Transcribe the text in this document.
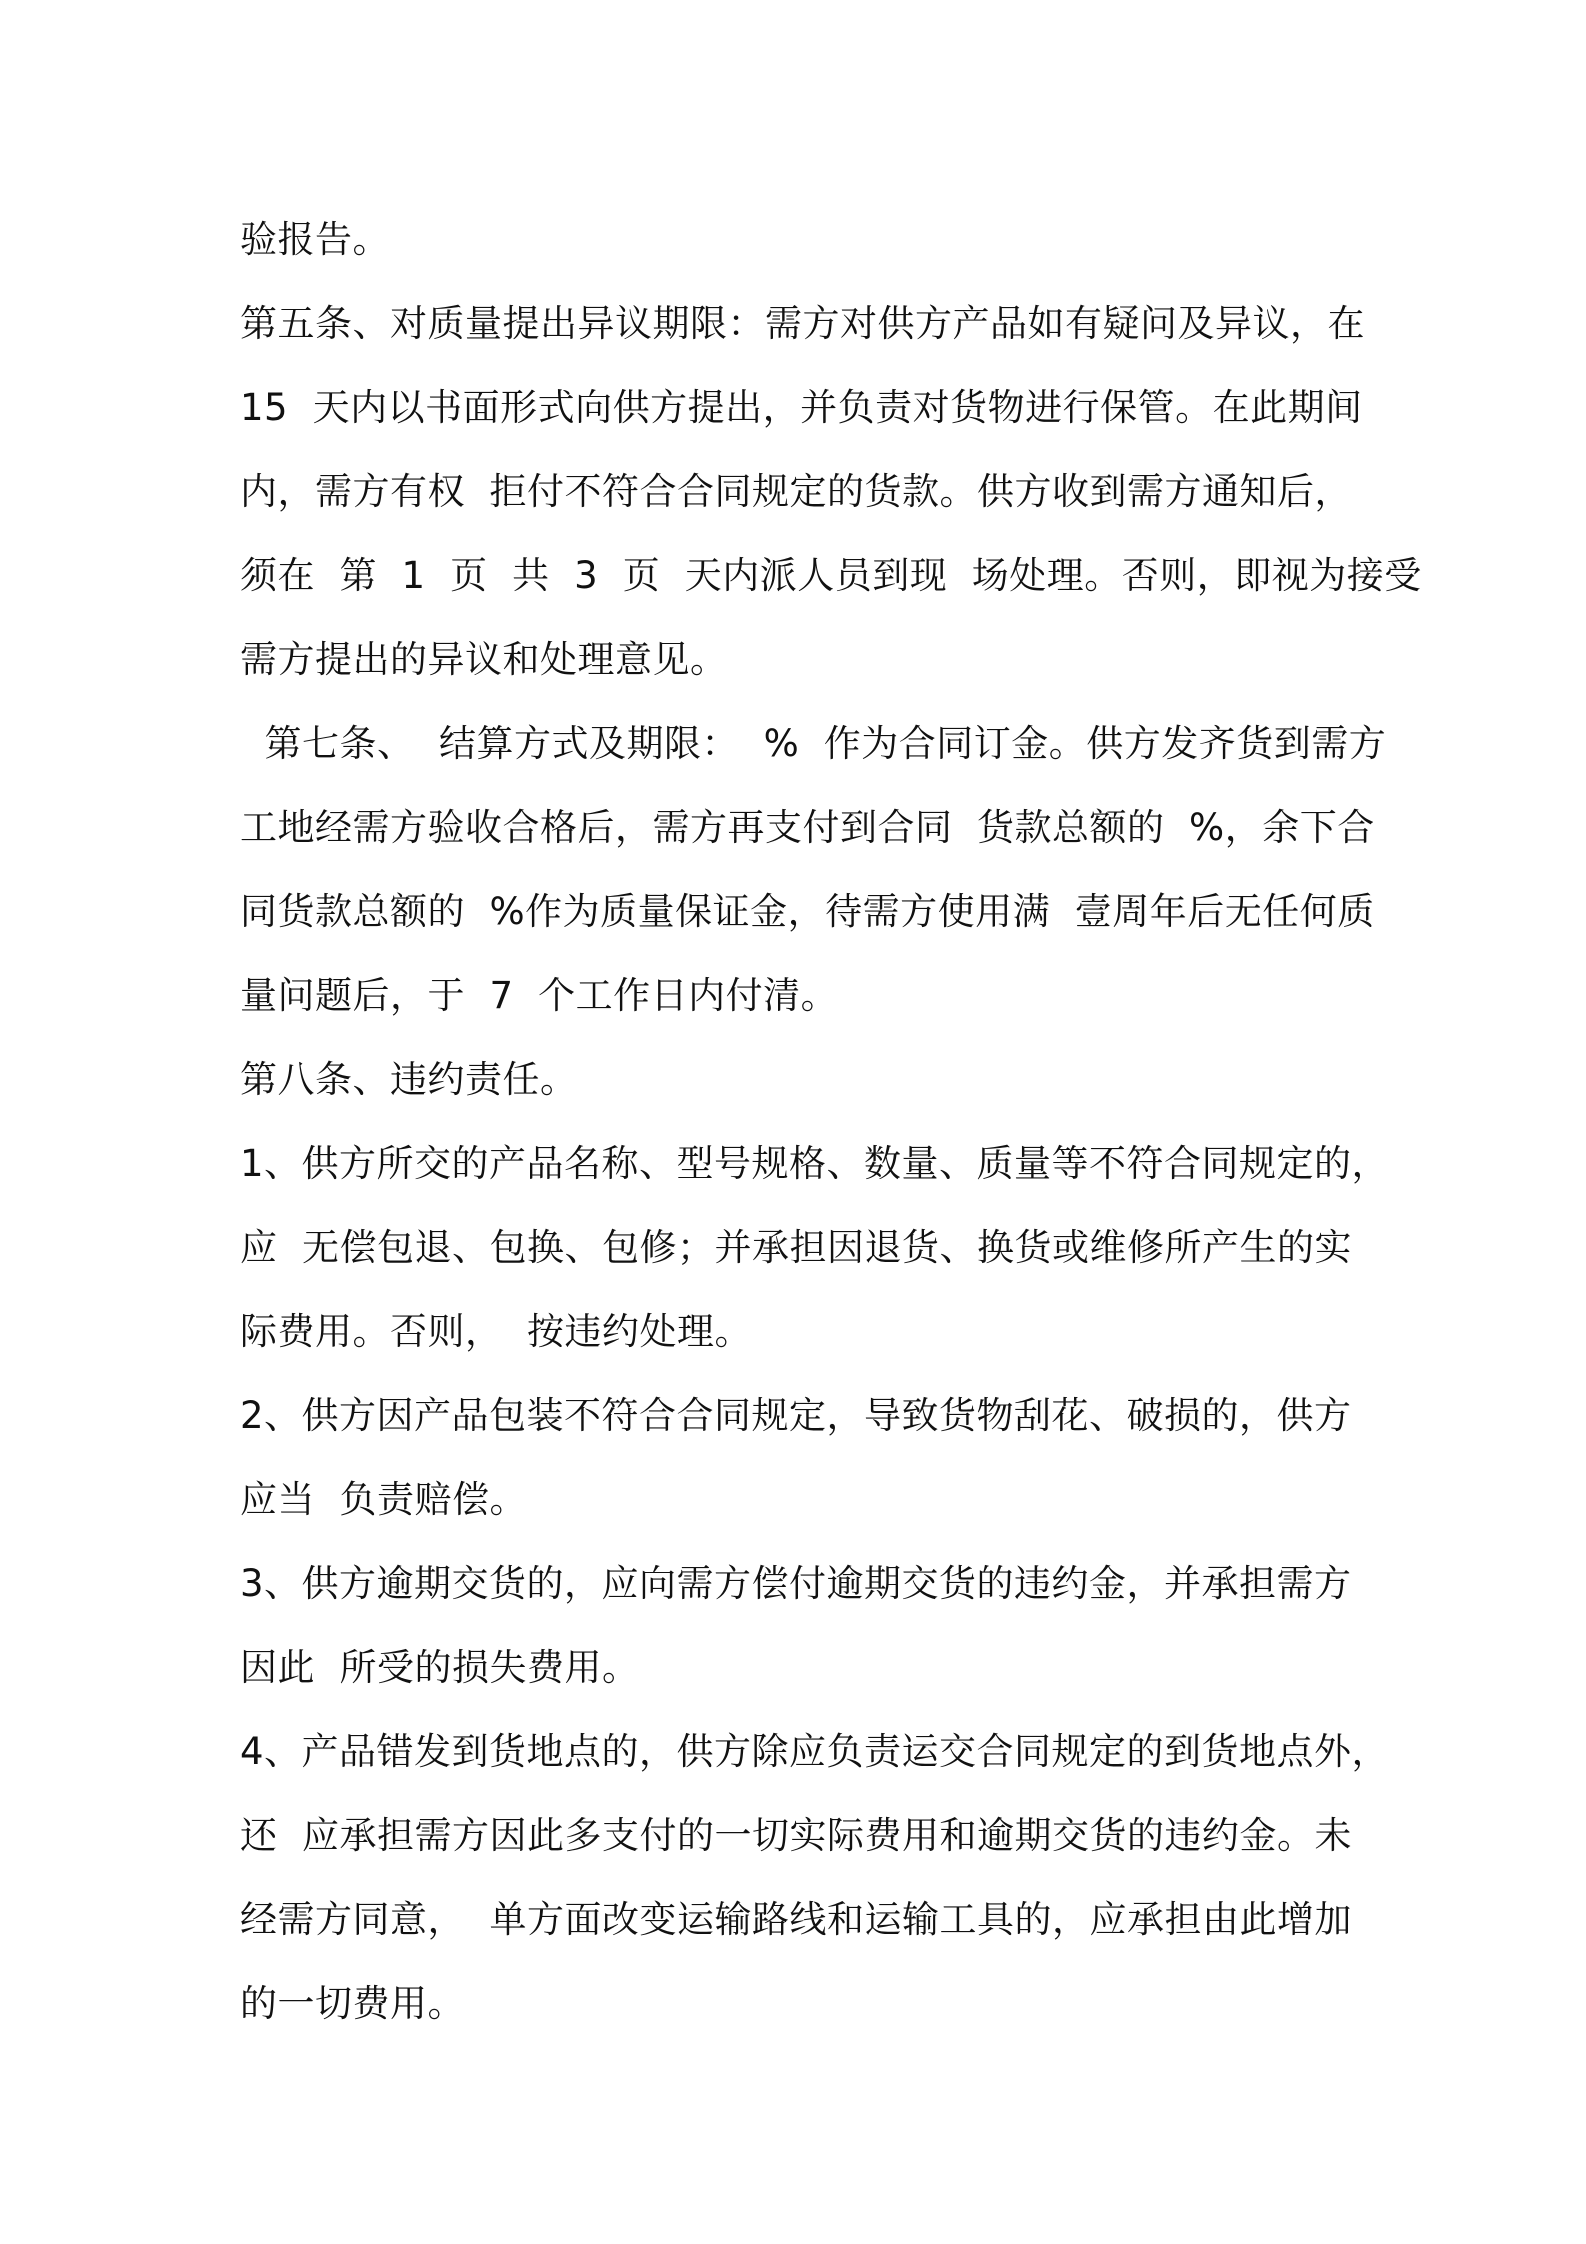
验报告。
第五条、对质量提出异议期限：需方对供方产品如有疑问及异议，在
15  天内以书面形式向供方提出，并负责对货物进行保管。在此期间
内，需方有权  拒付不符合合同规定的货款。供方收到需方通知后，
须在  第  1  页  共  3  页  天内派人员到现  场处理。否则，即视为接受
需方提出的异议和处理意见。
第七条、  结算方式及期限：  %  作为合同订金。供方发齐货到需方
工地经需方验收合格后，需方再支付到合同  货款总额的  %，余下合
同货款总额的  %作为质量保证金，待需方使用满  壹周年后无任何质
量问题后，于  7  个工作日内付清。
第八条、违约责任。
1、供方所交的产品名称、型号规格、数量、质量等不符合同规定的，
应  无偿包退、包换、包修；并承担因退货、换货或维修所产生的实
际费用。否则，  按违约处理。
2、供方因产品包装不符合合同规定，导致货物刮花、破损的，供方
应当  负责赔偿。
3、供方逾期交货的，应向需方偿付逾期交货的违约金，并承担需方
因此  所受的损失费用。
4、产品错发到货地点的，供方除应负责运交合同规定的到货地点外，
还  应承担需方因此多支付的一切实际费用和逾期交货的违约金。未
经需方同意，  单方面改变运输路线和运输工具的，应承担由此增加
的一切费用。
